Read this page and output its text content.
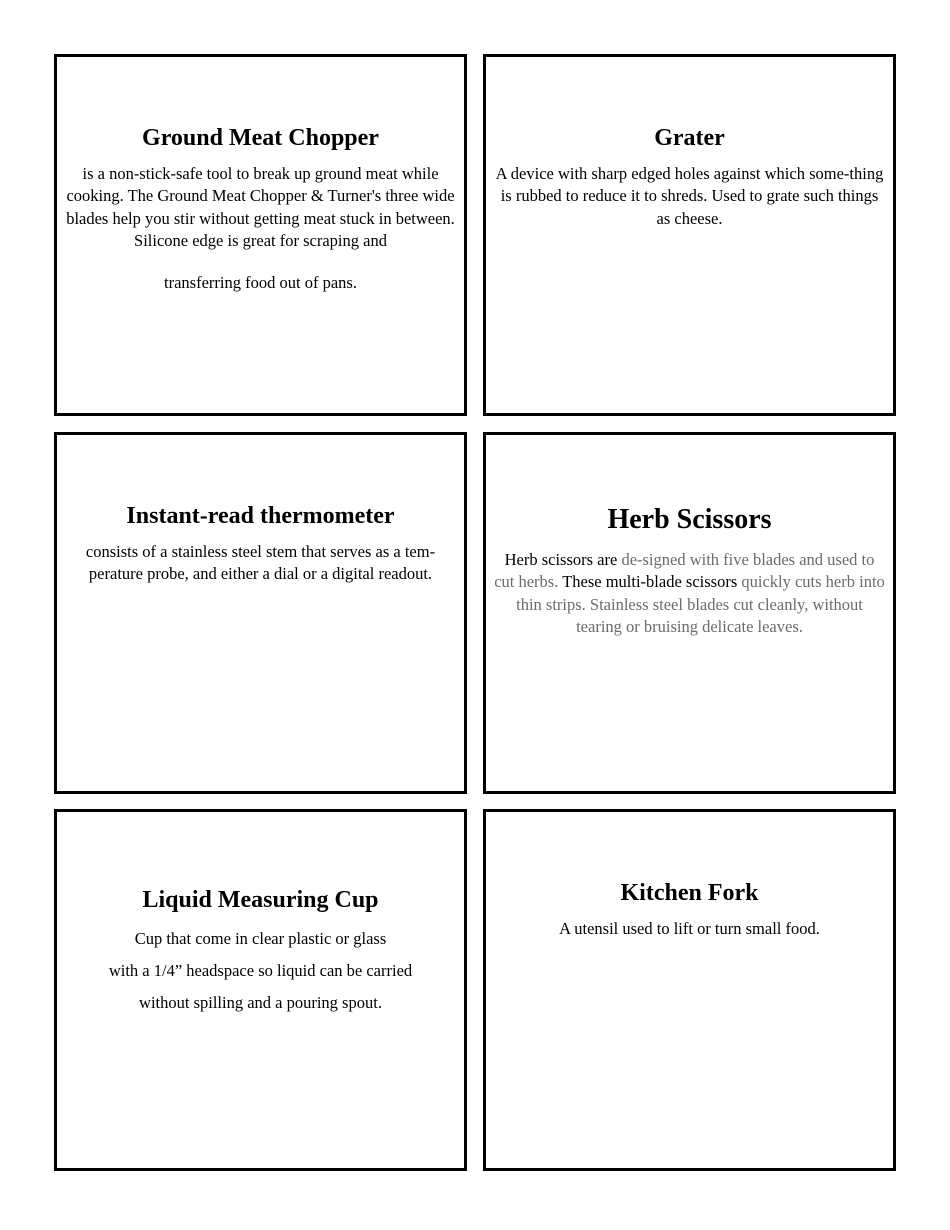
Ground Meat Chopper

is a non-stick-safe tool to break up ground meat while cooking. The Ground Meat Chopper & Turner's three wide blades help you stir without getting meat stuck in between. Silicone edge is great for scraping and

transferring food out of pans.

Grater

A device with sharp edged holes against which some-thing is rubbed to reduce it to shreds. Used to grate such things as cheese.

Instant-read thermometer

consists of a stainless steel stem that serves as a tem-perature probe, and either a dial or a digital readout.

Herb Scissors

Herb scissors are de-signed with five blades and used to cut herbs. These multi-blade scissors quickly cuts herb into thin strips. Stainless steel blades cut cleanly, without tearing or bruising delicate leaves.

Liquid Measuring Cup

Cup that come in clear plastic or glass
with a 1/4” headspace so liquid can be carried
without spilling and a pouring spout.

Kitchen Fork

A utensil used to lift or turn small food.
